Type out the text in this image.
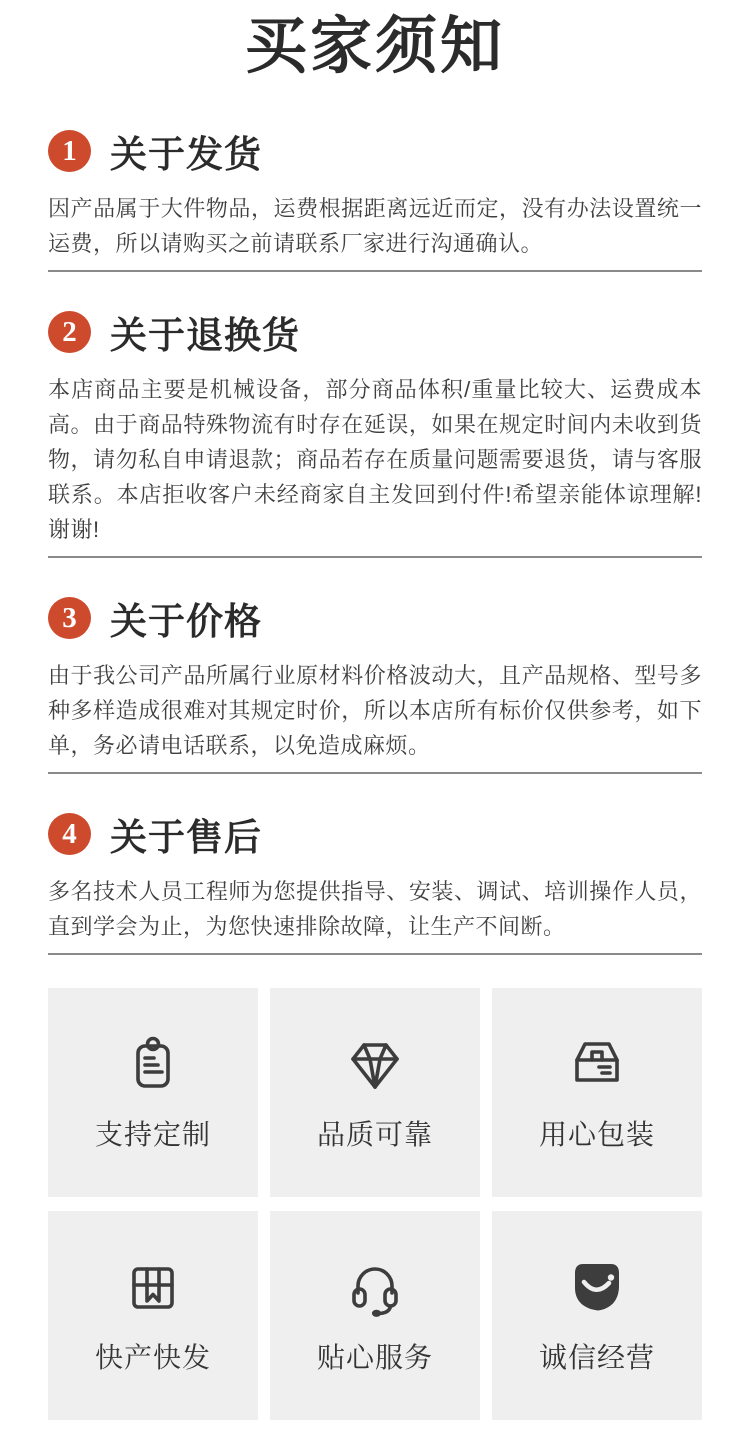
买家须知
1 关于发货

因产品属于大件物品，运费根据距离远近而定，没有办法设置统一运费，所以请购买之前请联系厂家进行沟通确认。

2 关于退换货

本店商品主要是机械设备，部分商品体积/重量比较大、运费成本高。由于商品特殊物流有时存在延误，如果在规定时间内未收到货物，请勿私自申请退款；商品若存在质量问题需要退货，请与客服联系。本店拒收客户未经商家自主发回到付件!希望亲能体谅理解!谢谢!

3 关于价格

由于我公司产品所属行业原材料价格波动大，且产品规格、型号多种多样造成很难对其规定时价，所以本店所有标价仅供参考，如下单，务必请电话联系，以免造成麻烦。

4 关于售后

多名技术人员工程师为您提供指导、安装、调试、培训操作人员，直到学会为止，为您快速排除故障，让生产不间断。

支持定制	品质可靠	用心包装
快产快发	贴心服务	诚信经营
